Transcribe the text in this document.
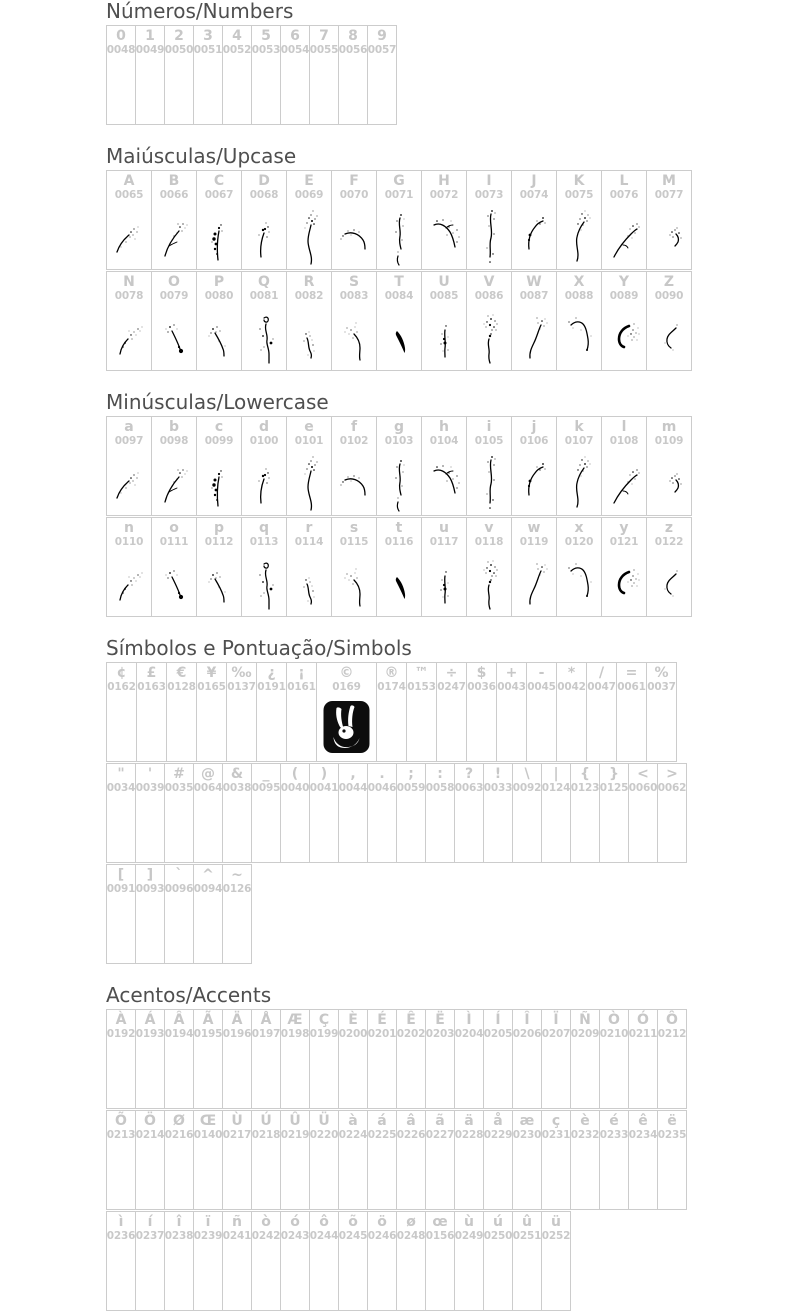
Números/Numbers
0
0048
1
0049
2
0050
3
0051
4
0052
5
0053
6
0054
7
0055
8
0056
9
0057
Maiúsculas/Upcase
A
0065
B
0066
C
0067
D
0068
E
0069
F
0070
G
0071
H
0072
I
0073
J
0074
K
0075
L
0076
M
0077
N
0078
O
0079
P
0080
Q
0081
R
0082
S
0083
T
0084
U
0085
V
0086
W
0087
X
0088
Y
0089
Z
0090
Minúsculas/Lowercase
a
0097
b
0098
c
0099
d
0100
e
0101
f
0102
g
0103
h
0104
i
0105
j
0106
k
0107
l
0108
m
0109
n
0110
o
0111
p
0112
q
0113
r
0114
s
0115
t
0116
u
0117
v
0118
w
0119
x
0120
y
0121
z
0122
Símbolos e Pontuação/Simbols
¢
0162
£
0163
€
0128
¥
0165
‰
0137
¿
0191
¡
0161
©
0169
®
0174
™
0153
÷
0247
$
0036
+
0043
-
0045
*
0042
/
0047
=
0061
%
0037
"
0034
'
0039
#
0035
@
0064
&
0038
_
0095
(
0040
)
0041
,
0044
.
0046
;
0059
:
0058
?
0063
!
0033
\
0092
|
0124
{
0123
}
0125
<
0060
>
0062
[
0091
]
0093
`
0096
^
0094
~
0126
Acentos/Accents
À
0192
Á
0193
Â
0194
Ã
0195
Ä
0196
Å
0197
Æ
0198
Ç
0199
È
0200
É
0201
Ê
0202
Ë
0203
Ì
0204
Í
0205
Î
0206
Ï
0207
Ñ
0209
Ò
0210
Ó
0211
Ô
0212
Õ
0213
Ö
0214
Ø
0216
Œ
0140
Ù
0217
Ú
0218
Û
0219
Ü
0220
à
0224
á
0225
â
0226
ã
0227
ä
0228
å
0229
æ
0230
ç
0231
è
0232
é
0233
ê
0234
ë
0235
ì
0236
í
0237
î
0238
ï
0239
ñ
0241
ò
0242
ó
0243
ô
0244
õ
0245
ö
0246
ø
0248
œ
0156
ù
0249
ú
0250
û
0251
ü
0252
